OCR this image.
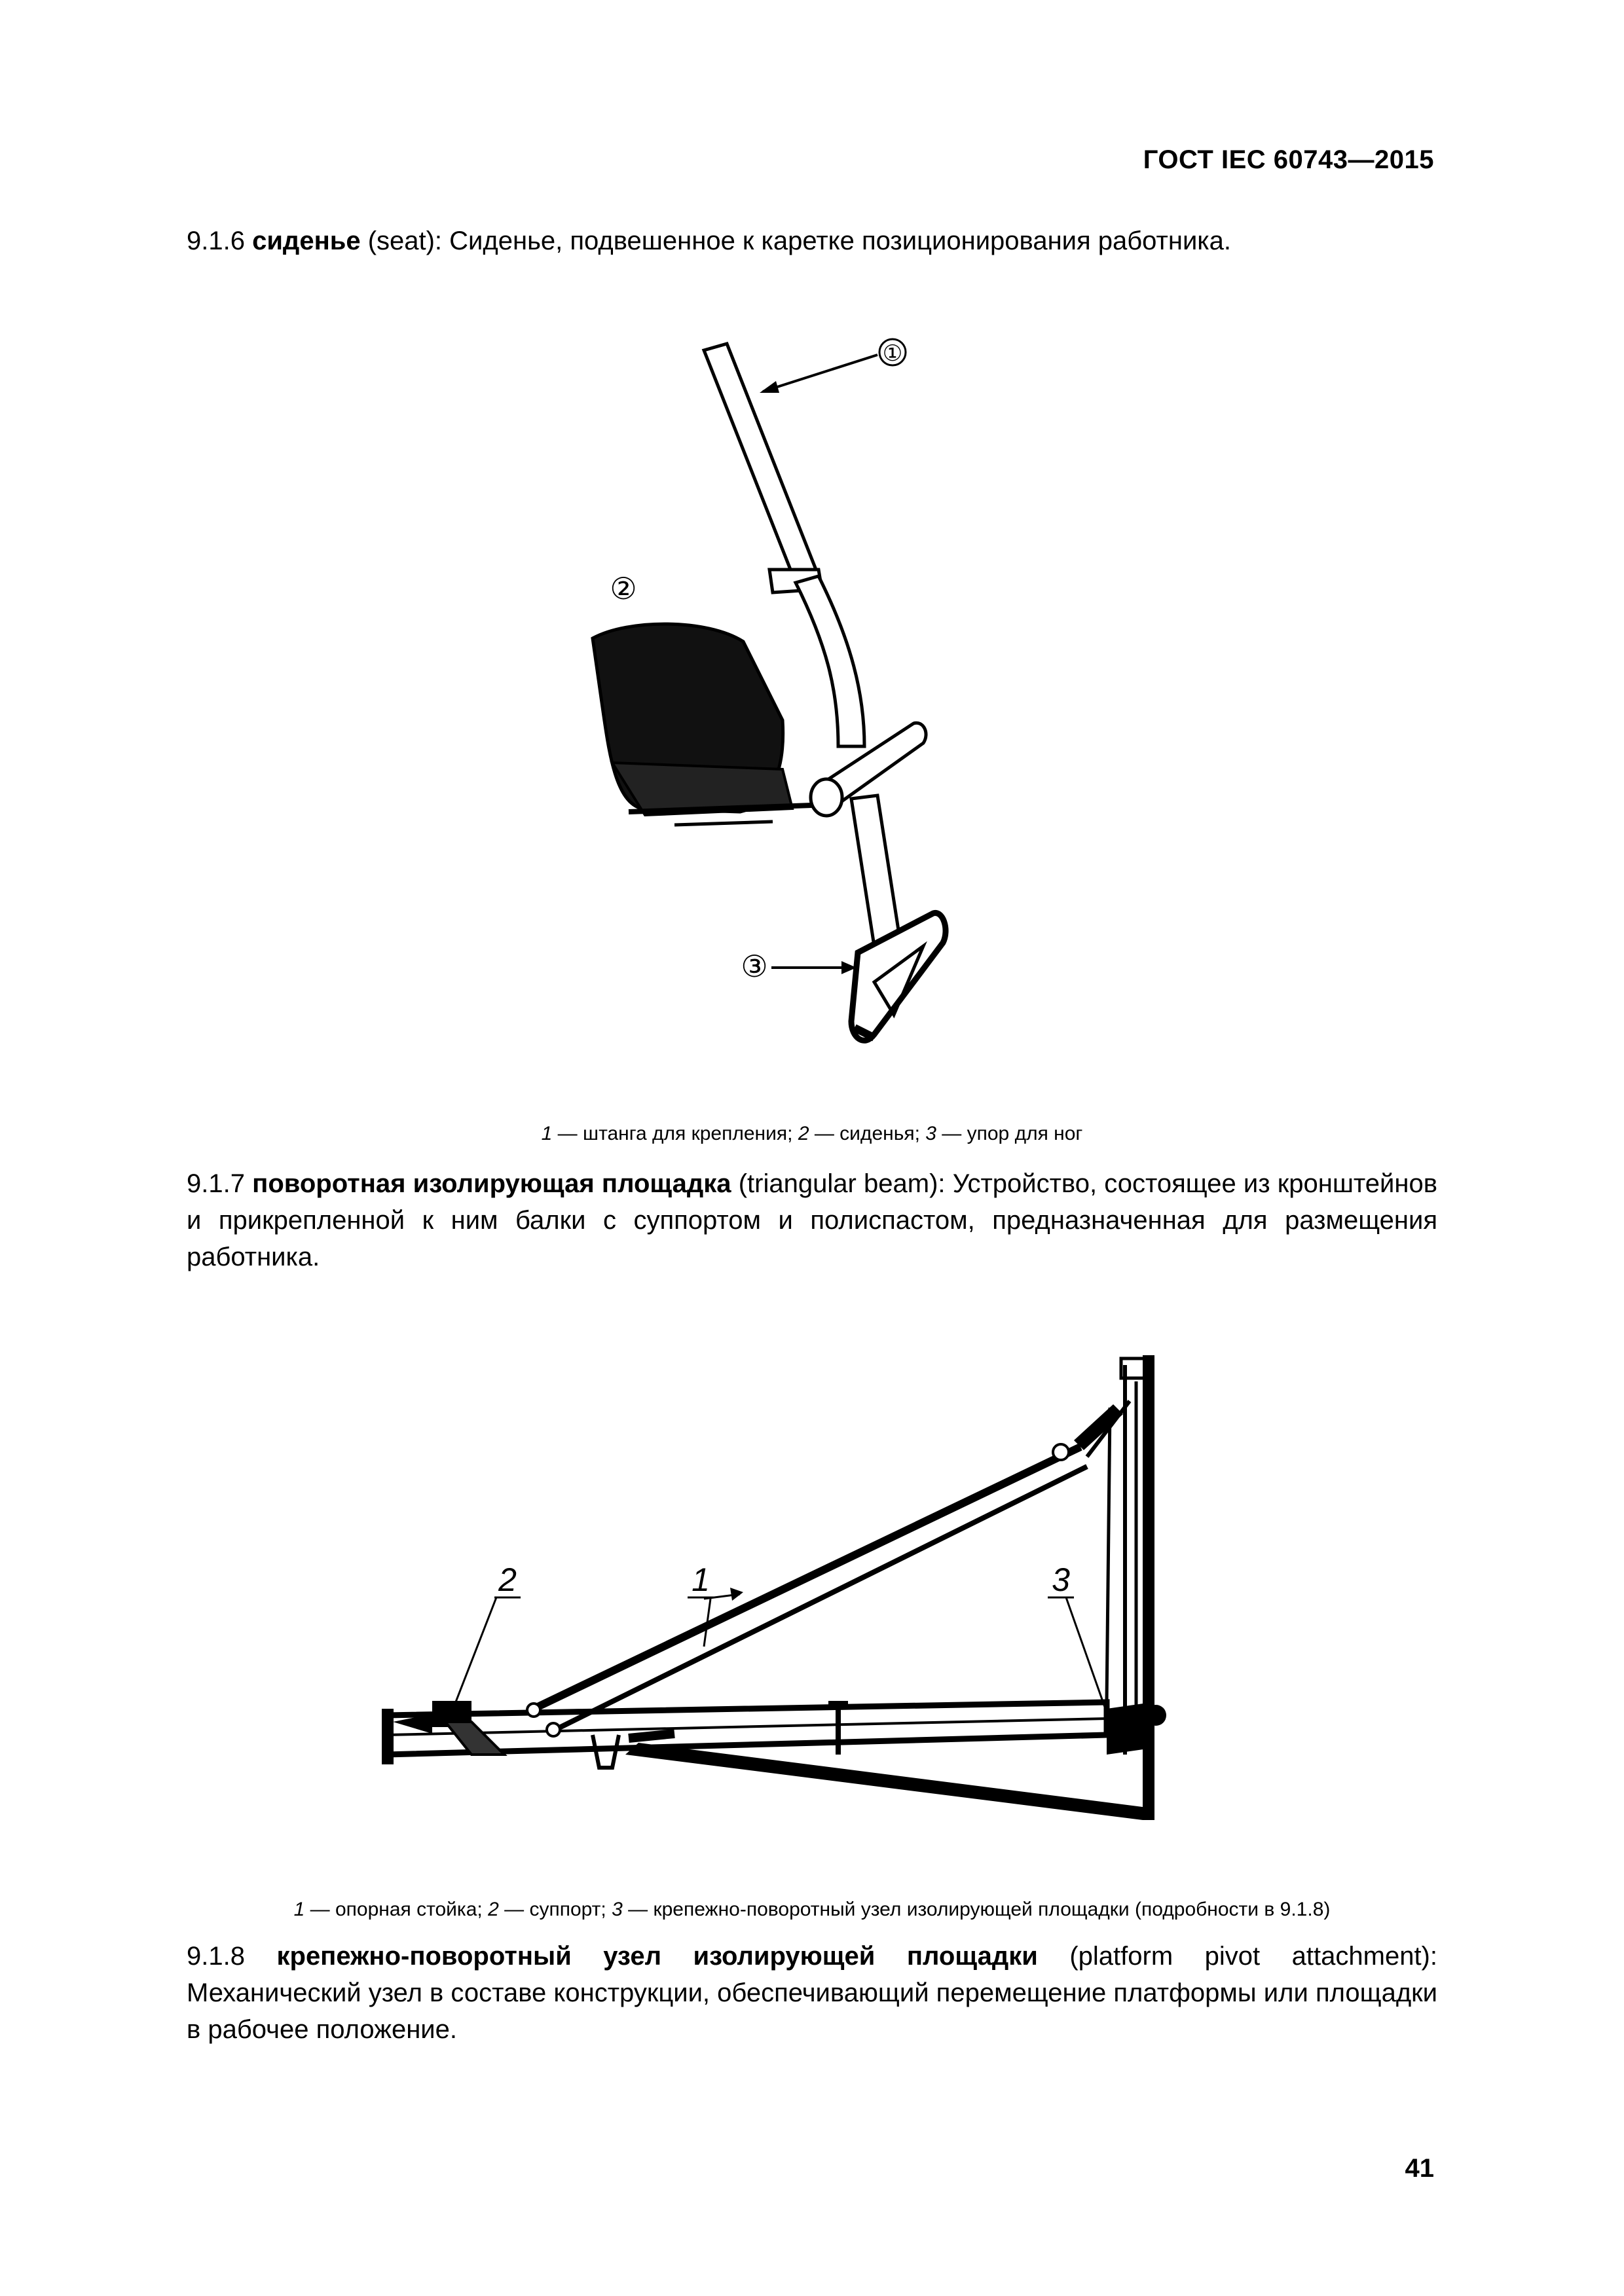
ГОСТ IEC 60743—2015
9.1.6 сиденье (seat): Сиденье, подвешенное к каретке позиционирования работника.
①
②
③
1 — штанга для крепления; 2 — сиденья; 3 — упор для ног
9.1.7 поворотная изолирующая площадка (triangular beam): Устройство, состоящее из кронштейнов и прикрепленной к ним балки с суппортом и полиспастом, предназначенная для размещения работника.
2	1	3
1 — опорная стойка; 2 — суппорт; 3 — крепежно-поворотный узел изолирующей площадки (подробности в 9.1.8)
9.1.8 крепежно-поворотный узел изолирующей площадки (platform pivot attachment): Механический узел в составе конструкции, обеспечивающий перемещение платформы или площадки в рабочее положение.
41
